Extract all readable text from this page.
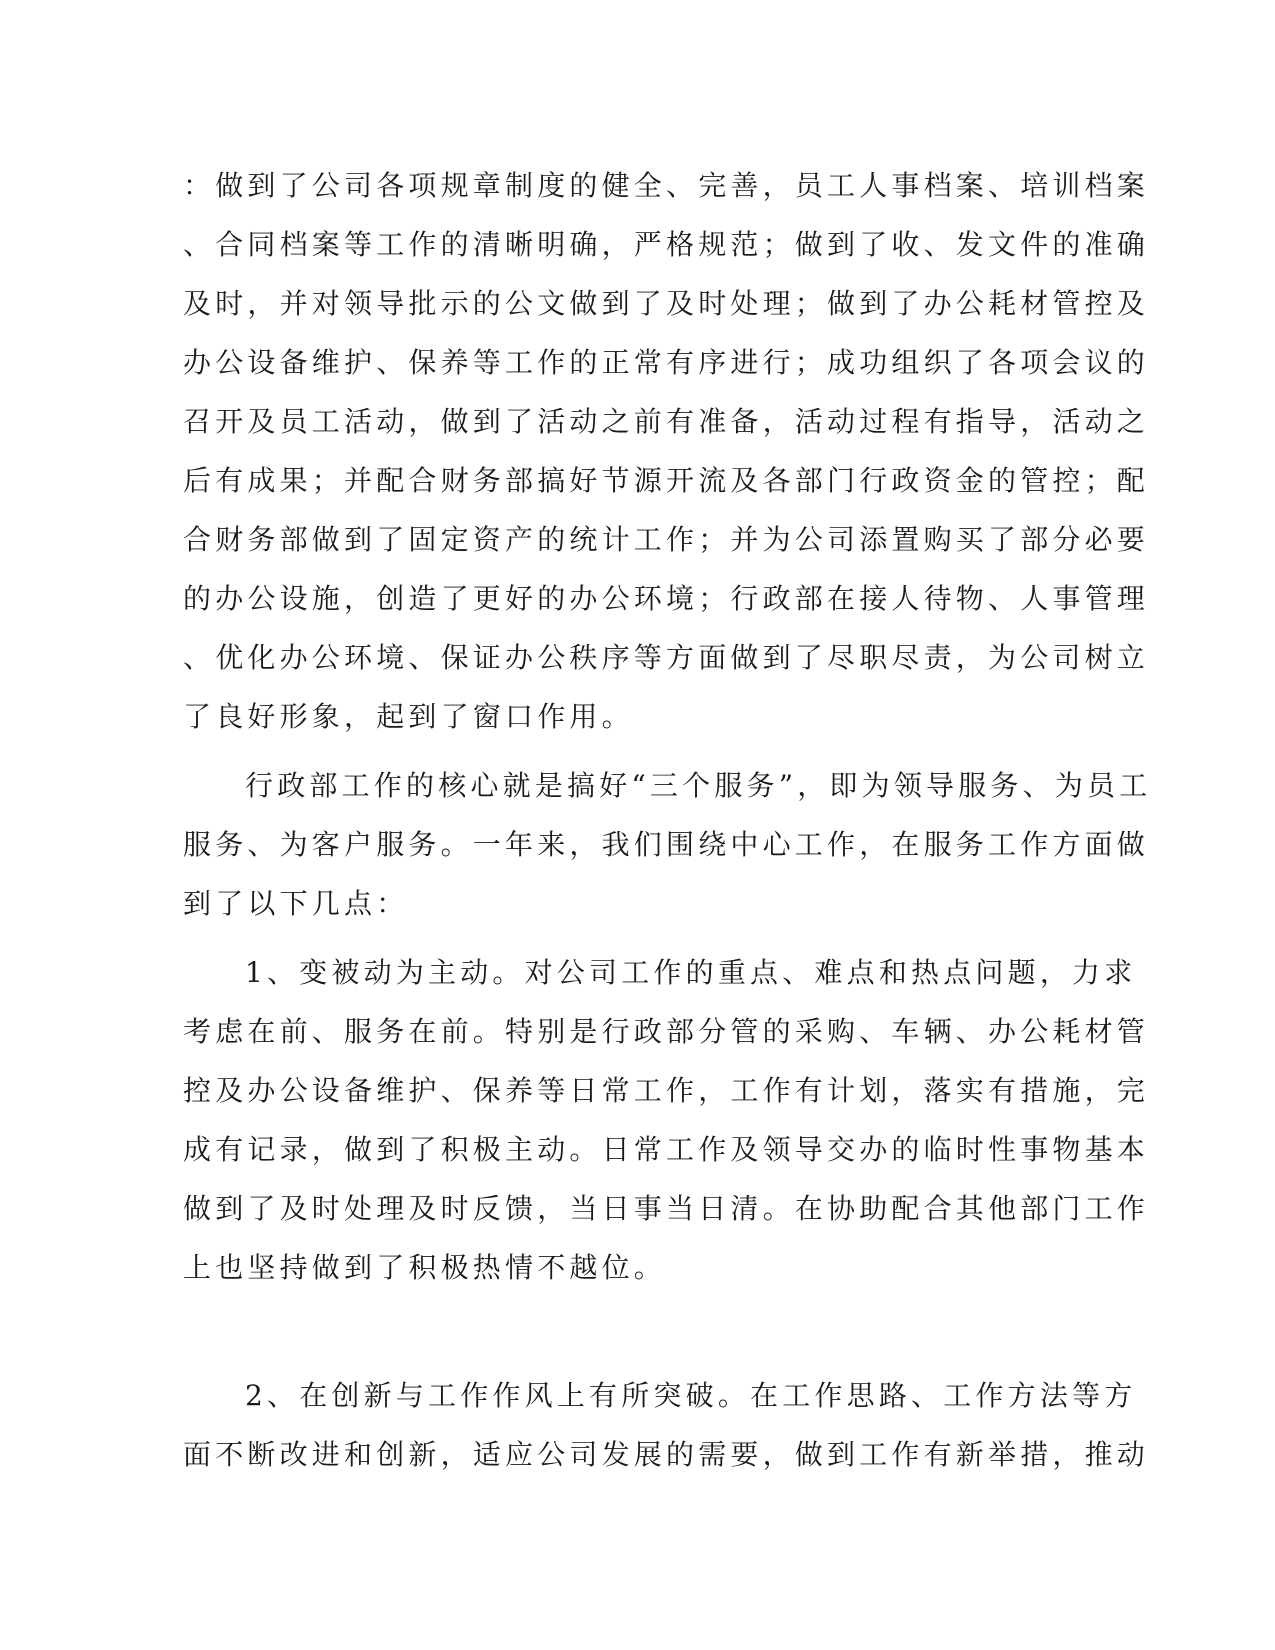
：做到了公司各项规章制度的健全、完善，员工人事档案、培训档案
、合同档案等工作的清晰明确，严格规范；做到了收、发文件的准确
及时，并对领导批示的公文做到了及时处理；做到了办公耗材管控及
办公设备维护、保养等工作的正常有序进行；成功组织了各项会议的
召开及员工活动，做到了活动之前有准备，活动过程有指导，活动之
后有成果；并配合财务部搞好节源开流及各部门行政资金的管控；配
合财务部做到了固定资产的统计工作；并为公司添置购买了部分必要
的办公设施，创造了更好的办公环境；行政部在接人待物、人事管理
、优化办公环境、保证办公秩序等方面做到了尽职尽责，为公司树立
了良好形象，起到了窗口作用。
行政部工作的核心就是搞好“三个服务”，即为领导服务、为员工
服务、为客户服务。一年来，我们围绕中心工作，在服务工作方面做
到了以下几点：
1、变被动为主动。对公司工作的重点、难点和热点问题，力求
考虑在前、服务在前。特别是行政部分管的采购、车辆、办公耗材管
控及办公设备维护、保养等日常工作，工作有计划，落实有措施，完
成有记录，做到了积极主动。日常工作及领导交办的临时性事物基本
做到了及时处理及时反馈，当日事当日清。在协助配合其他部门工作
上也坚持做到了积极热情不越位。
2、在创新与工作作风上有所突破。在工作思路、工作方法等方
面不断改进和创新，适应公司发展的需要，做到工作有新举措，推动
